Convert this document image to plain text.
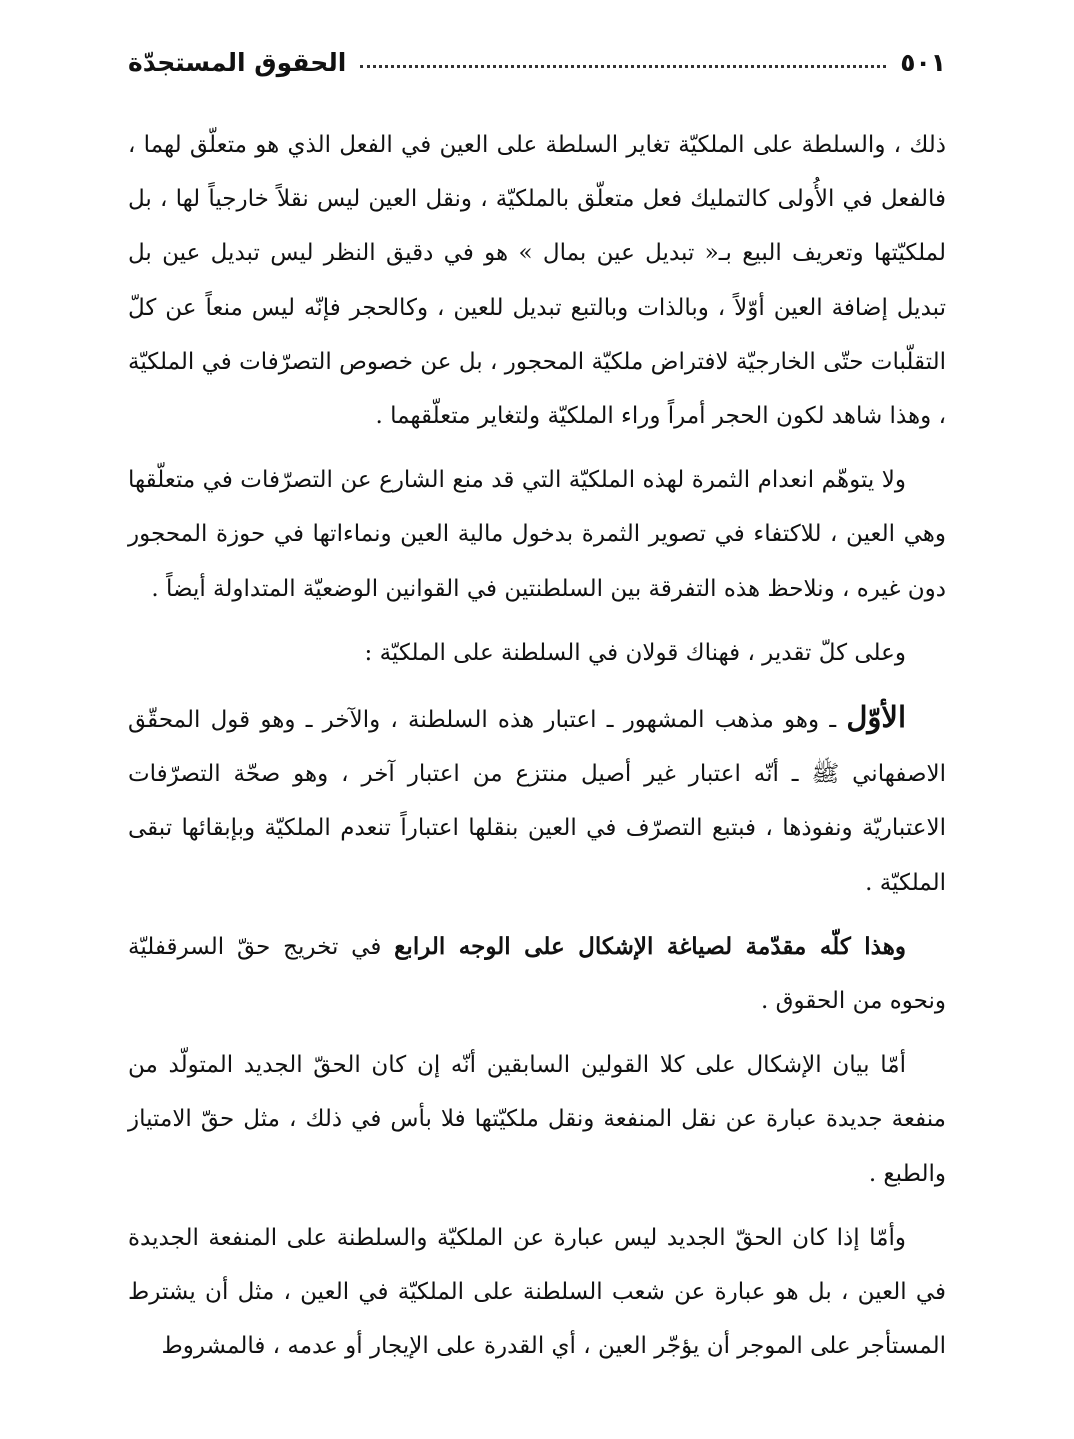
الحقوق المستجدّة	٥٠١

ذلك ، والسلطة على الملكيّة تغاير السلطة على العين في الفعل الذي هو متعلّق لهما ، فالفعل في الأُولى كالتمليك فعل متعلّق بالملكيّة ، ونقل العين ليس نقلاً خارجياً لها ، بل لملكيّتها وتعريف البيع بـ« تبديل عين بمال » هو في دقيق النظر ليس تبديل عين بل تبديل إضافة العين أوّلاً ، وبالذات وبالتبع تبديل للعين ، وكالحجر فإنّه ليس منعاً عن كلّ التقلّبات حتّى الخارجيّة لافتراض ملكيّة المحجور ، بل عن خصوص التصرّفات في الملكيّة ، وهذا شاهد لكون الحجر أمراً وراء الملكيّة ولتغاير متعلّقهما .

ولا يتوهّم انعدام الثمرة لهذه الملكيّة التي قد منع الشارع عن التصرّفات في متعلّقها وهي العين ، للاكتفاء في تصوير الثمرة بدخول مالية العين ونماءاتها في حوزة المحجور دون غيره ، ونلاحظ هذه التفرقة بين السلطنتين في القوانين الوضعيّة المتداولة أيضاً .

وعلى كلّ تقدير ، فهناك قولان في السلطنة على الملكيّة :

الأوّل ـ وهو مذهب المشهور ـ اعتبار هذه السلطنة ، والآخر ـ وهو قول المحقّق الاصفهاني ﷺ ـ أنّه اعتبار غير أصيل منتزع من اعتبار آخر ، وهو صحّة التصرّفات الاعتباريّة ونفوذها ، فبتبع التصرّف في العين بنقلها اعتباراً تنعدم الملكيّة وبإبقائها تبقى الملكيّة .

وهذا كلّه مقدّمة لصياغة الإشكال على الوجه الرابع في تخريج حقّ السرقفليّة ونحوه من الحقوق .

أمّا بيان الإشكال على كلا القولين السابقين أنّه إن كان الحقّ الجديد المتولّد من منفعة جديدة عبارة عن نقل المنفعة ونقل ملكيّتها فلا بأس في ذلك ، مثل حقّ الامتياز والطبع .

وأمّا إذا كان الحقّ الجديد ليس عبارة عن الملكيّة والسلطنة على المنفعة الجديدة في العين ، بل هو عبارة عن شعب السلطنة على الملكيّة في العين ، مثل أن يشترط المستأجر على الموجر أن يؤجّر العين ، أي القدرة على الإيجار أو عدمه ، فالمشروط
